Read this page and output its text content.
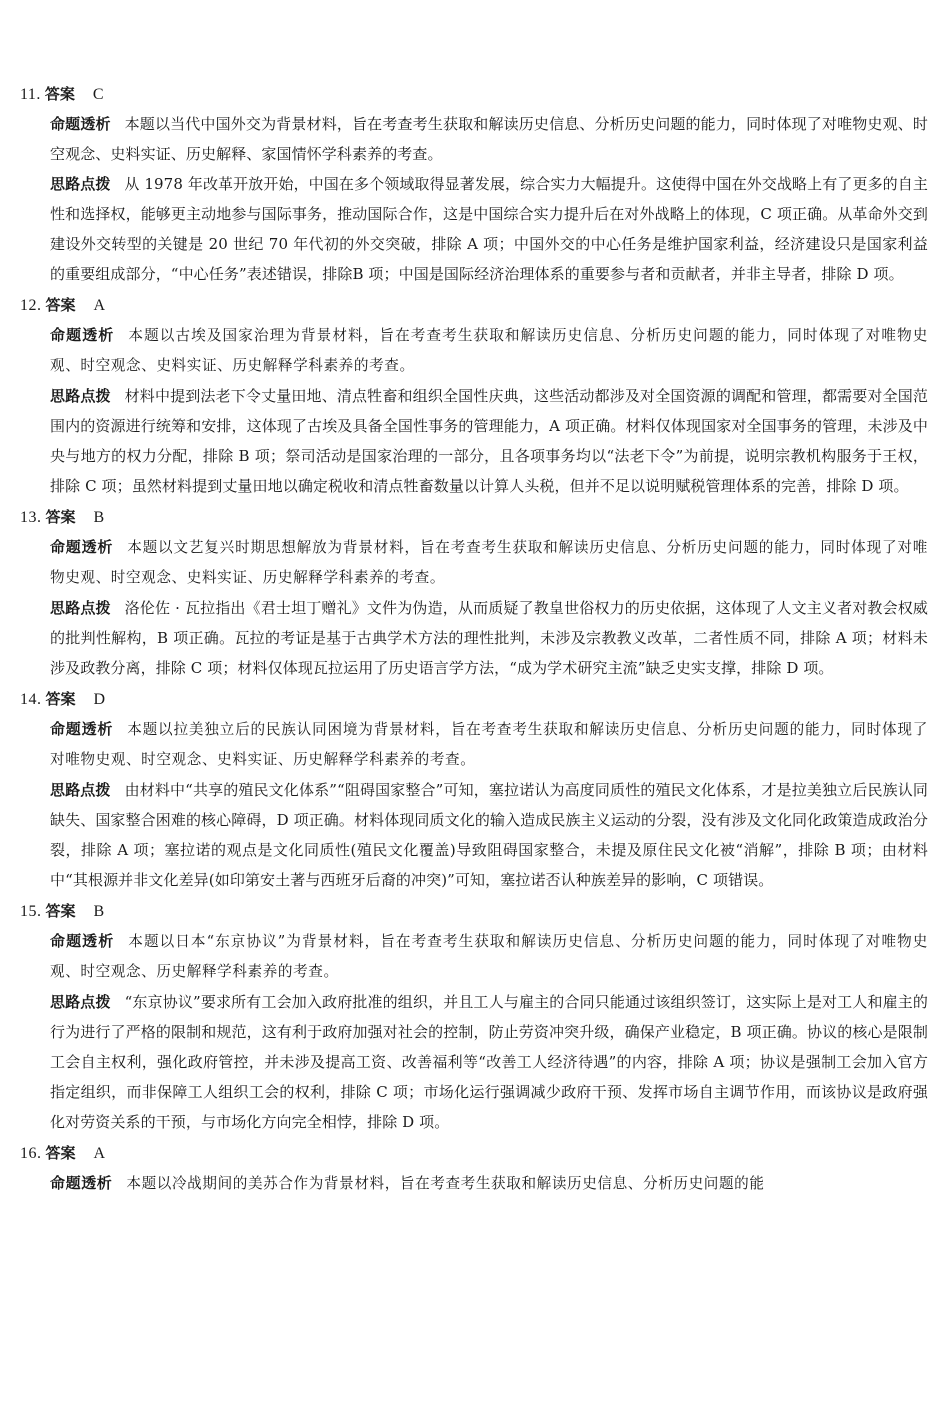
11. 答案 C

命题透析 本题以当代中国外交为背景材料，旨在考查考生获取和解读历史信息、分析历史问题的能力，同时体现了对唯物史观、时空观念、史料实证、历史解释、家国情怀学科素养的考查。

思路点拨 从 1978 年改革开放开始，中国在多个领域取得显著发展，综合实力大幅提升。这使得中国在外交战略上有了更多的自主性和选择权，能够更主动地参与国际事务，推动国际合作，这是中国综合实力提升后在对外战略上的体现，C 项正确。从革命外交到建设外交转型的关键是 20 世纪 70 年代初的外交突破，排除 A 项；中国外交的中心任务是维护国家利益，经济建设只是国家利益的重要组成部分，“中心任务”表述错误，排除B 项；中国是国际经济治理体系的重要参与者和贡献者，并非主导者，排除 D 项。

12. 答案 A

命题透析 本题以古埃及国家治理为背景材料，旨在考查考生获取和解读历史信息、分析历史问题的能力，同时体现了对唯物史观、时空观念、史料实证、历史解释学科素养的考查。

思路点拨 材料中提到法老下令丈量田地、清点牲畜和组织全国性庆典，这些活动都涉及对全国资源的调配和管理，都需要对全国范围内的资源进行统筹和安排，这体现了古埃及具备全国性事务的管理能力，A 项正确。材料仅体现国家对全国事务的管理，未涉及中央与地方的权力分配，排除 B 项；祭司活动是国家治理的一部分，且各项事务均以“法老下令”为前提，说明宗教机构服务于王权，排除 C 项；虽然材料提到丈量田地以确定税收和清点牲畜数量以计算人头税，但并不足以说明赋税管理体系的完善，排除 D 项。

13. 答案 B

命题透析 本题以文艺复兴时期思想解放为背景材料，旨在考查考生获取和解读历史信息、分析历史问题的能力，同时体现了对唯物史观、时空观念、史料实证、历史解释学科素养的考查。

思路点拨 洛伦佐 · 瓦拉指出《君士坦丁赠礼》文件为伪造，从而质疑了教皇世俗权力的历史依据，这体现了人文主义者对教会权威的批判性解构，B 项正确。瓦拉的考证是基于古典学术方法的理性批判，未涉及宗教教义改革，二者性质不同，排除 A 项；材料未涉及政教分离，排除 C 项；材料仅体现瓦拉运用了历史语言学方法，“成为学术研究主流”缺乏史实支撑，排除 D 项。

14. 答案 D

命题透析 本题以拉美独立后的民族认同困境为背景材料，旨在考查考生获取和解读历史信息、分析历史问题的能力，同时体现了对唯物史观、时空观念、史料实证、历史解释学科素养的考查。

思路点拨 由材料中“共享的殖民文化体系”“阻碍国家整合”可知，塞拉诺认为高度同质性的殖民文化体系，才是拉美独立后民族认同缺失、国家整合困难的核心障碍，D 项正确。材料体现同质文化的输入造成民族主义运动的分裂，没有涉及文化同化政策造成政治分裂，排除 A 项；塞拉诺的观点是文化同质性(殖民文化覆盖)导致阻碍国家整合，未提及原住民文化被“消解”，排除 B 项；由材料中“其根源并非文化差异(如印第安土著与西班牙后裔的冲突)”可知，塞拉诺否认种族差异的影响，C 项错误。

15. 答案 B

命题透析 本题以日本“东京协议”为背景材料，旨在考查考生获取和解读历史信息、分析历史问题的能力，同时体现了对唯物史观、时空观念、历史解释学科素养的考查。

思路点拨 “东京协议”要求所有工会加入政府批准的组织，并且工人与雇主的合同只能通过该组织签订，这实际上是对工人和雇主的行为进行了严格的限制和规范，这有利于政府加强对社会的控制，防止劳资冲突升级，确保产业稳定，B 项正确。协议的核心是限制工会自主权利，强化政府管控，并未涉及提高工资、改善福利等“改善工人经济待遇”的内容，排除 A 项；协议是强制工会加入官方指定组织，而非保障工人组织工会的权利，排除 C 项；市场化运行强调减少政府干预、发挥市场自主调节作用，而该协议是政府强化对劳资关系的干预，与市场化方向完全相悖，排除 D 项。

16. 答案 A

命题透析 本题以冷战期间的美苏合作为背景材料，旨在考查考生获取和解读历史信息、分析历史问题的能
